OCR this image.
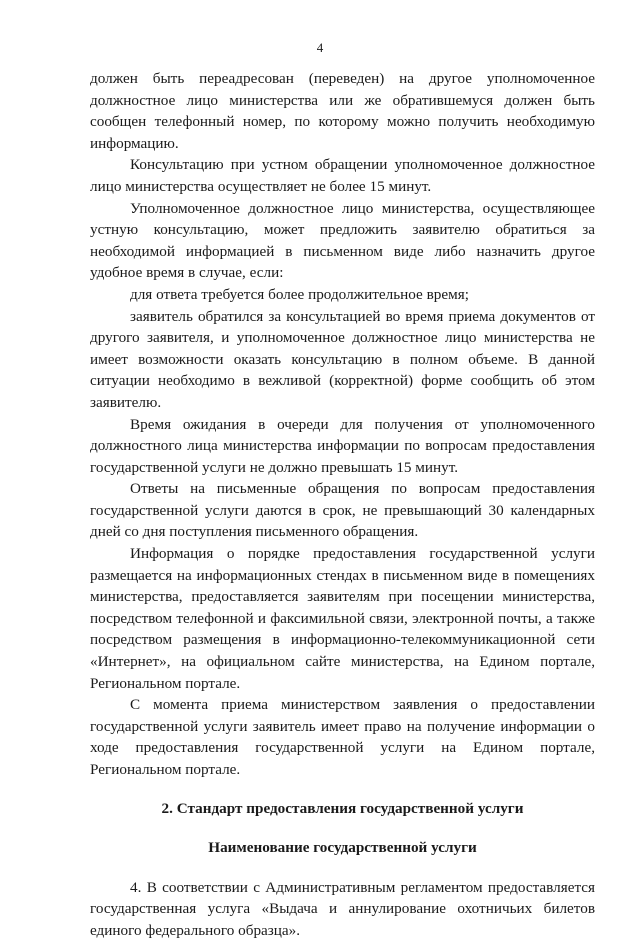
4

должен быть переадресован (переведен) на другое уполномоченное должностное лицо министерства или же обратившемуся должен быть сообщен телефонный номер, по которому можно получить необходимую информацию.

Консультацию при устном обращении уполномоченное должностное лицо министерства осуществляет не более 15 минут.

Уполномоченное должностное лицо министерства, осуществляющее устную консультацию, может предложить заявителю обратиться за необходимой информацией в письменном виде либо назначить другое удобное время в случае, если:

для ответа требуется более продолжительное время;

заявитель обратился за консультацией во время приема документов от другого заявителя, и уполномоченное должностное лицо министерства не имеет возможности оказать консультацию в полном объеме. В данной ситуации необходимо в вежливой (корректной) форме сообщить об этом заявителю.

Время ожидания в очереди для получения от уполномоченного должностного лица министерства информации по вопросам предоставления государственной услуги не должно превышать 15 минут.

Ответы на письменные обращения по вопросам предоставления государственной услуги даются в срок, не превышающий 30 календарных дней со дня поступления письменного обращения.

Информация о порядке предоставления государственной услуги размещается на информационных стендах в письменном виде в помещениях министерства, предоставляется заявителям при посещении министерства, посредством телефонной и факсимильной связи, электронной почты, а также посредством размещения в информационно-телекоммуникационной сети «Интернет», на официальном сайте министерства, на Едином портале, Региональном портале.

С момента приема министерством заявления о предоставлении государственной услуги заявитель имеет право на получение информации о ходе предоставления государственной услуги на Едином портале, Региональном портале.

2. Стандарт предоставления государственной услуги

Наименование государственной услуги

4. В соответствии с Административным регламентом предоставляется государственная услуга «Выдача и аннулирование охотничьих билетов единого федерального образца».
